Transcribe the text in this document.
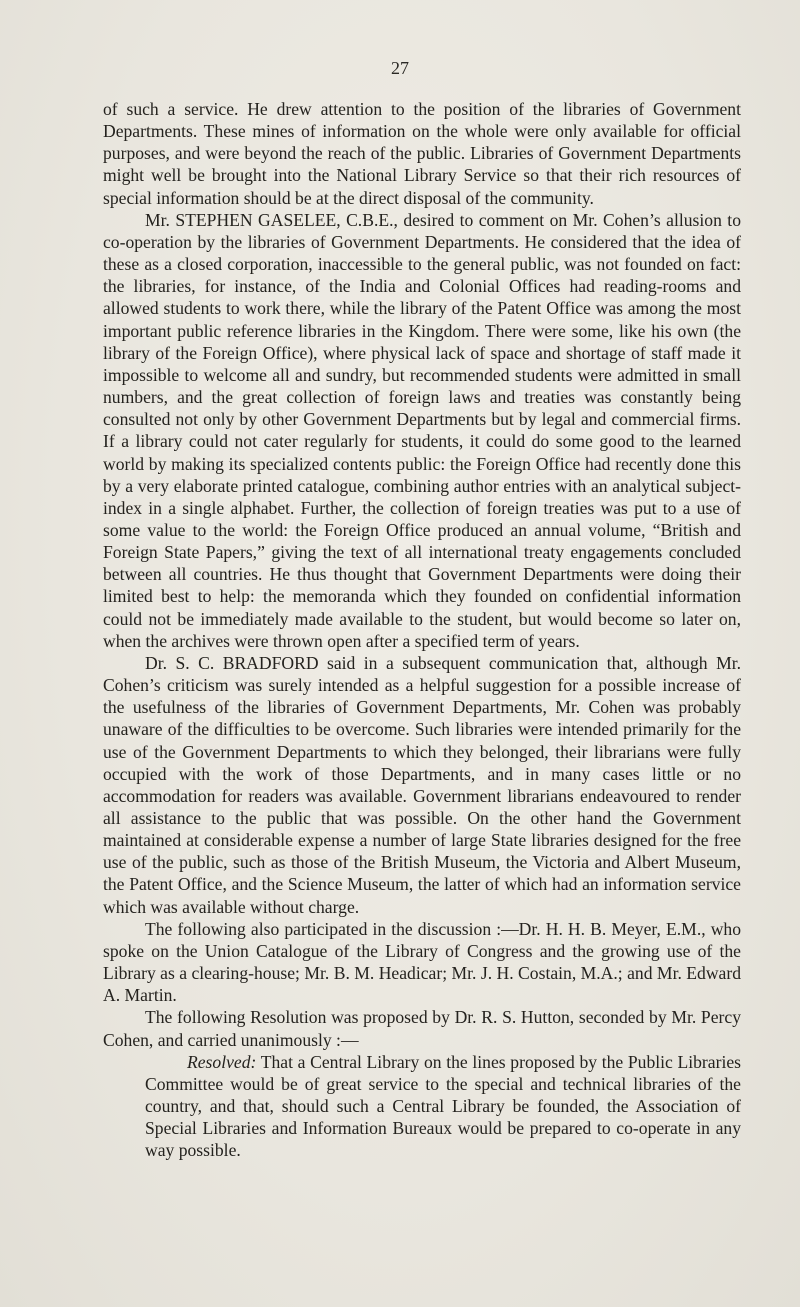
27

of such a service. He drew attention to the position of the libraries of Government Departments. These mines of information on the whole were only available for official purposes, and were beyond the reach of the public. Libraries of Government Departments might well be brought into the National Library Service so that their rich resources of special information should be at the direct disposal of the community.

Mr. STEPHEN GASELEE, C.B.E., desired to comment on Mr. Cohen’s allusion to co-operation by the libraries of Government Departments. He considered that the idea of these as a closed corporation, inaccessible to the general public, was not founded on fact: the libraries, for instance, of the India and Colonial Offices had reading-rooms and allowed students to work there, while the library of the Patent Office was among the most important public reference libraries in the Kingdom. There were some, like his own (the library of the Foreign Office), where physical lack of space and shortage of staff made it impossible to welcome all and sundry, but recommended students were admitted in small numbers, and the great collection of foreign laws and treaties was constantly being consulted not only by other Government Departments but by legal and commercial firms. If a library could not cater regularly for students, it could do some good to the learned world by making its specialized contents public: the Foreign Office had recently done this by a very elaborate printed catalogue, combining author entries with an analytical subject-index in a single alphabet. Further, the collection of foreign treaties was put to a use of some value to the world: the Foreign Office produced an annual volume, “British and Foreign State Papers,” giving the text of all international treaty engagements concluded between all countries. He thus thought that Government Departments were doing their limited best to help: the memoranda which they founded on confidential information could not be immediately made available to the student, but would become so later on, when the archives were thrown open after a specified term of years.

Dr. S. C. BRADFORD said in a subsequent communication that, although Mr. Cohen’s criticism was surely intended as a helpful suggestion for a possible increase of the usefulness of the libraries of Government Departments, Mr. Cohen was probably unaware of the difficulties to be overcome. Such libraries were intended primarily for the use of the Government Departments to which they belonged, their librarians were fully occupied with the work of those Departments, and in many cases little or no accommodation for readers was available. Government librarians endeavoured to render all assistance to the public that was possible. On the other hand the Government maintained at considerable expense a number of large State libraries designed for the free use of the public, such as those of the British Museum, the Victoria and Albert Museum, the Patent Office, and the Science Museum, the latter of which had an information service which was available without charge.

The following also participated in the discussion :—Dr. H. H. B. Meyer, E.M., who spoke on the Union Catalogue of the Library of Congress and the growing use of the Library as a clearing-house; Mr. B. M. Headicar; Mr. J. H. Costain, M.A.; and Mr. Edward A. Martin.

The following Resolution was proposed by Dr. R. S. Hutton, seconded by Mr. Percy Cohen, and carried unanimously :—

Resolved: That a Central Library on the lines proposed by the Public Libraries Committee would be of great service to the special and technical libraries of the country, and that, should such a Central Library be founded, the Association of Special Libraries and Information Bureaux would be prepared to co-operate in any way possible.
